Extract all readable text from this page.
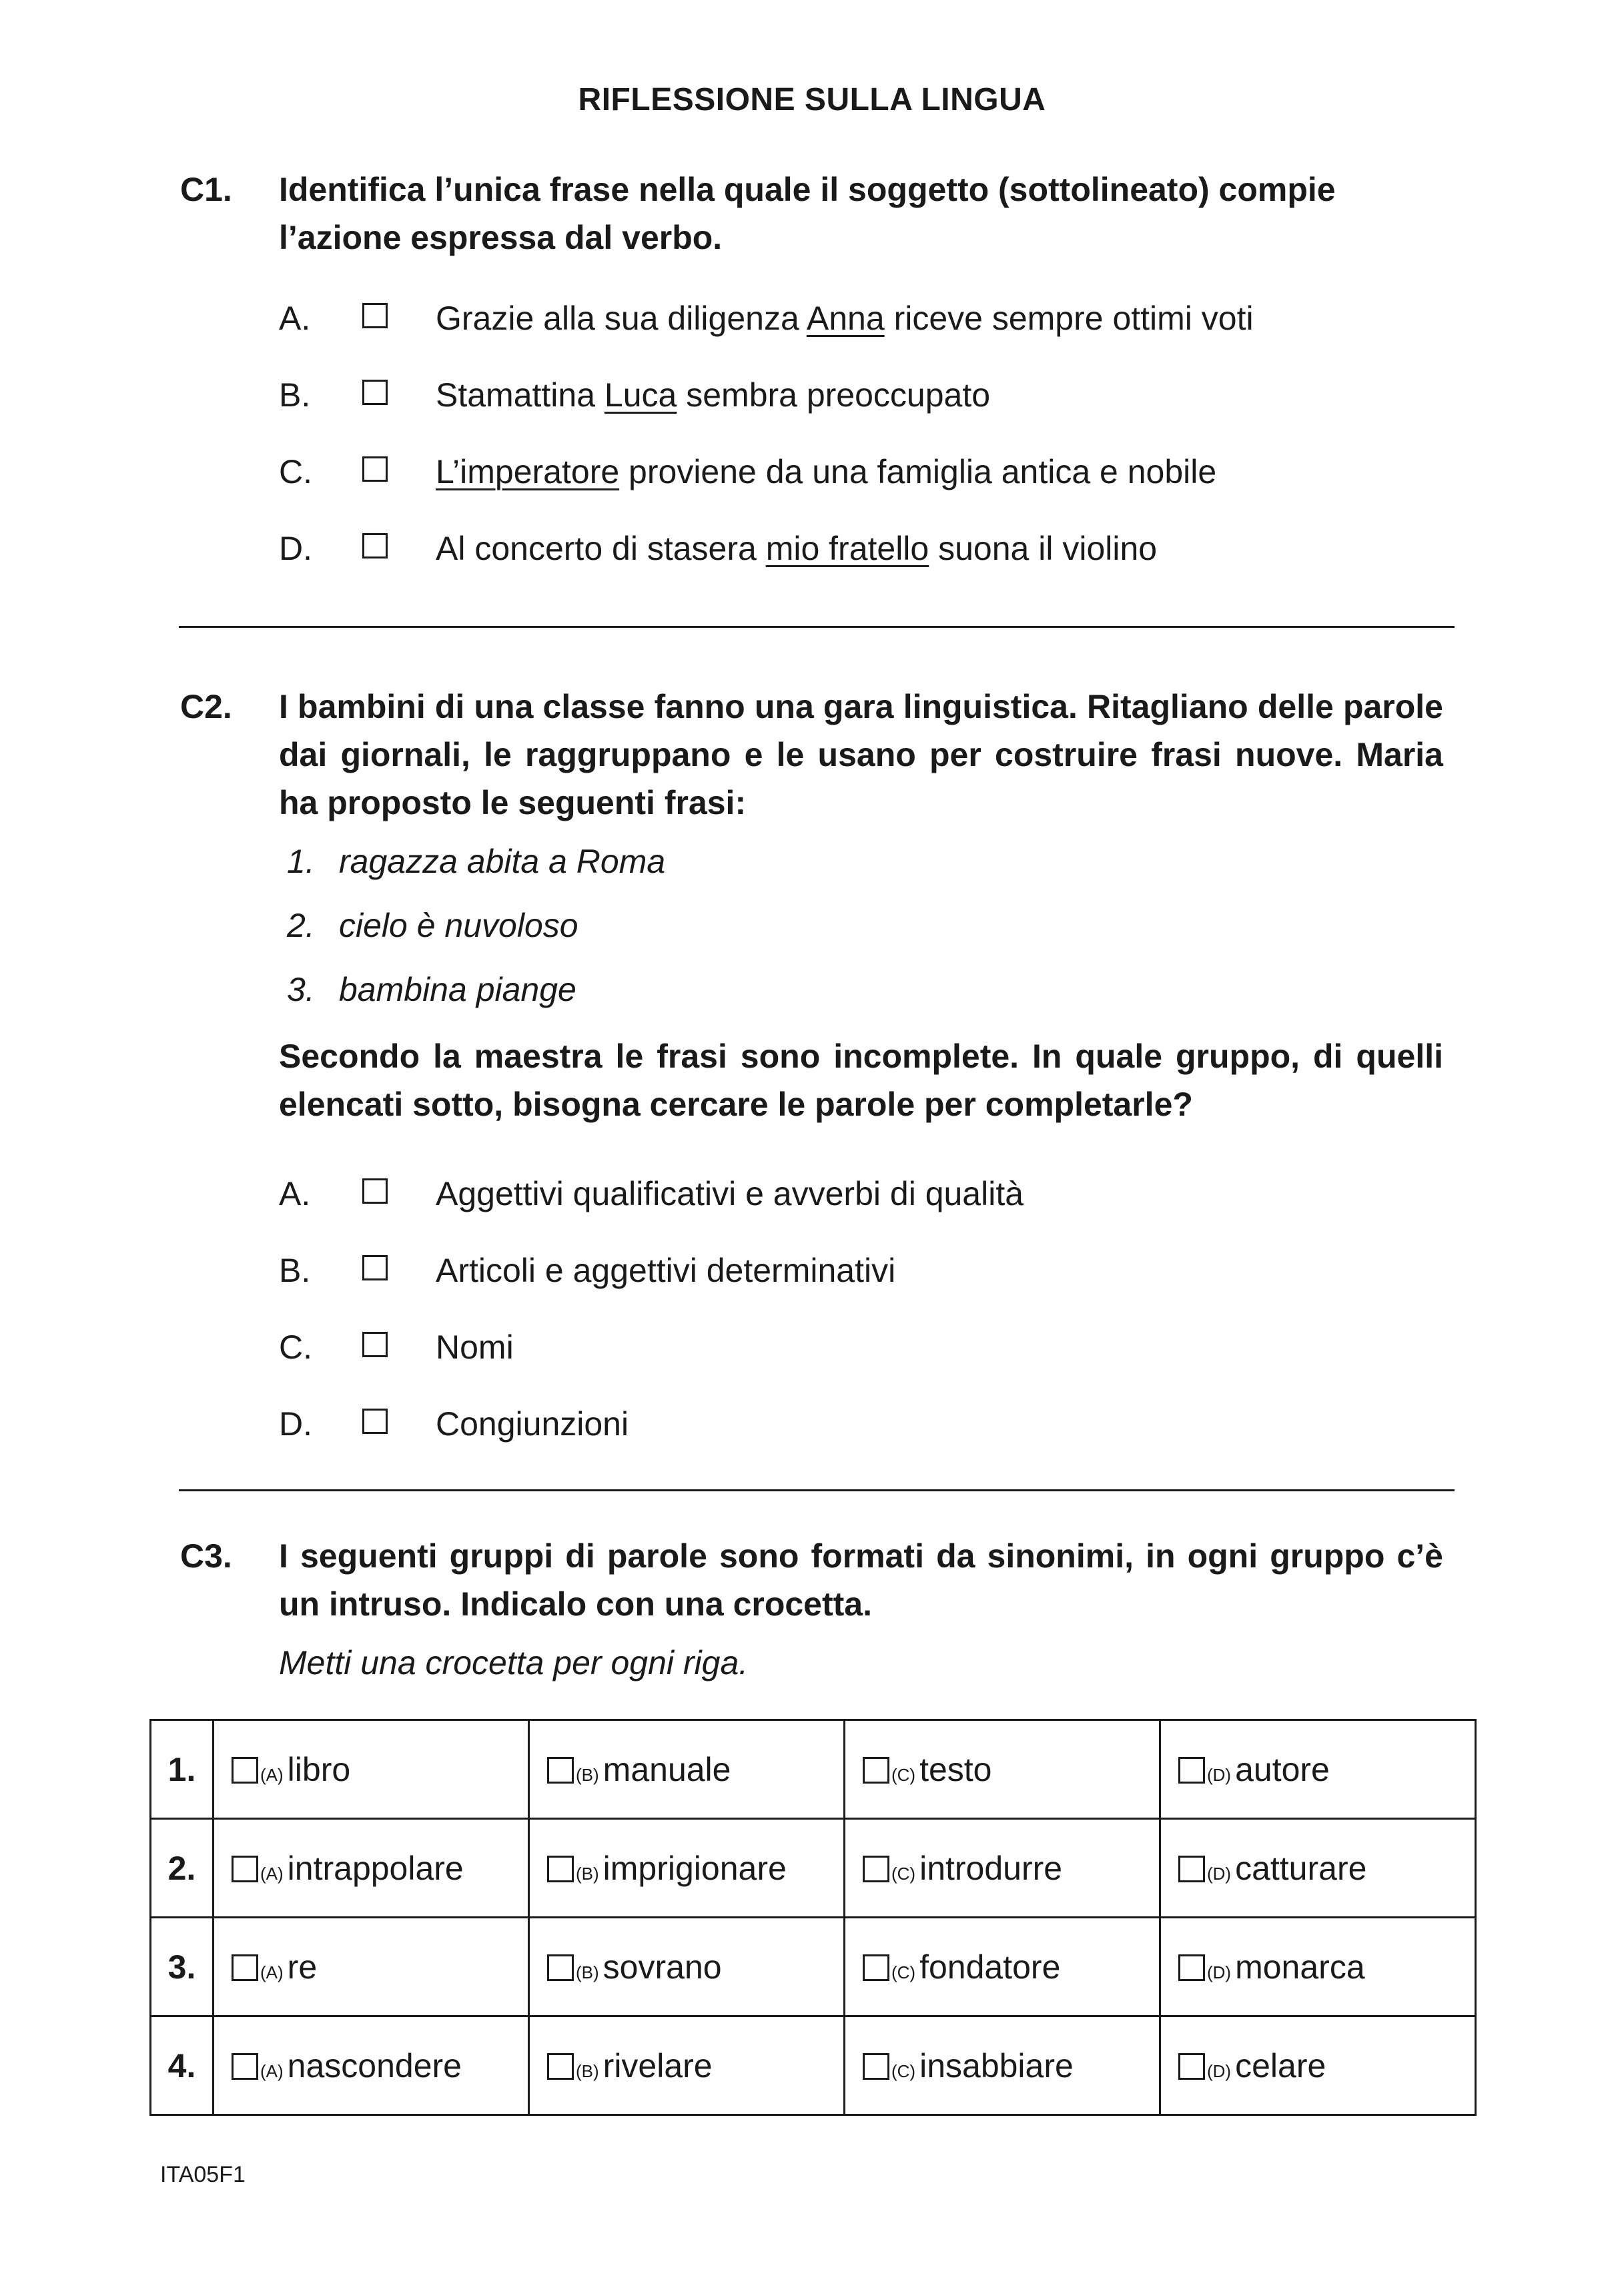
RIFLESSIONE SULLA LINGUA
C1. Identifica l’unica frase nella quale il soggetto (sottolineato) compie
l’azione espressa dal verbo.
A.	Grazie alla sua diligenza Anna riceve sempre ottimi voti
B.	Stamattina Luca sembra preoccupato
C.	L’imperatore proviene da una famiglia antica e nobile
D.	Al concerto di stasera mio fratello suona il violino
C2. I bambini di una classe fanno una gara linguistica. Ritagliano delle parole dai giornali, le raggruppano e le usano per costruire frasi nuove. Maria ha proposto le seguenti frasi:
1. ragazza abita a Roma
2. cielo è nuvoloso
3. bambina piange
Secondo la maestra le frasi sono incomplete. In quale gruppo, di quelli elencati sotto, bisogna cercare le parole per completarle?
A.	Aggettivi qualificativi e avverbi di qualità
B.	Articoli e aggettivi determinativi
C.	Nomi
D.	Congiunzioni
C3. I seguenti gruppi di parole sono formati da sinonimi, in ogni gruppo c’è un intruso. Indicalo con una crocetta.
Metti una crocetta per ogni riga.
1.	(A) libro	(B) manuale	(C) testo	(D) autore
2.	(A) intrappolare	(B) imprigionare	(C) introdurre	(D) catturare
3.	(A) re	(B) sovrano	(C) fondatore	(D) monarca
4.	(A) nascondere	(B) rivelare	(C) insabbiare	(D) celare
ITA05F1
